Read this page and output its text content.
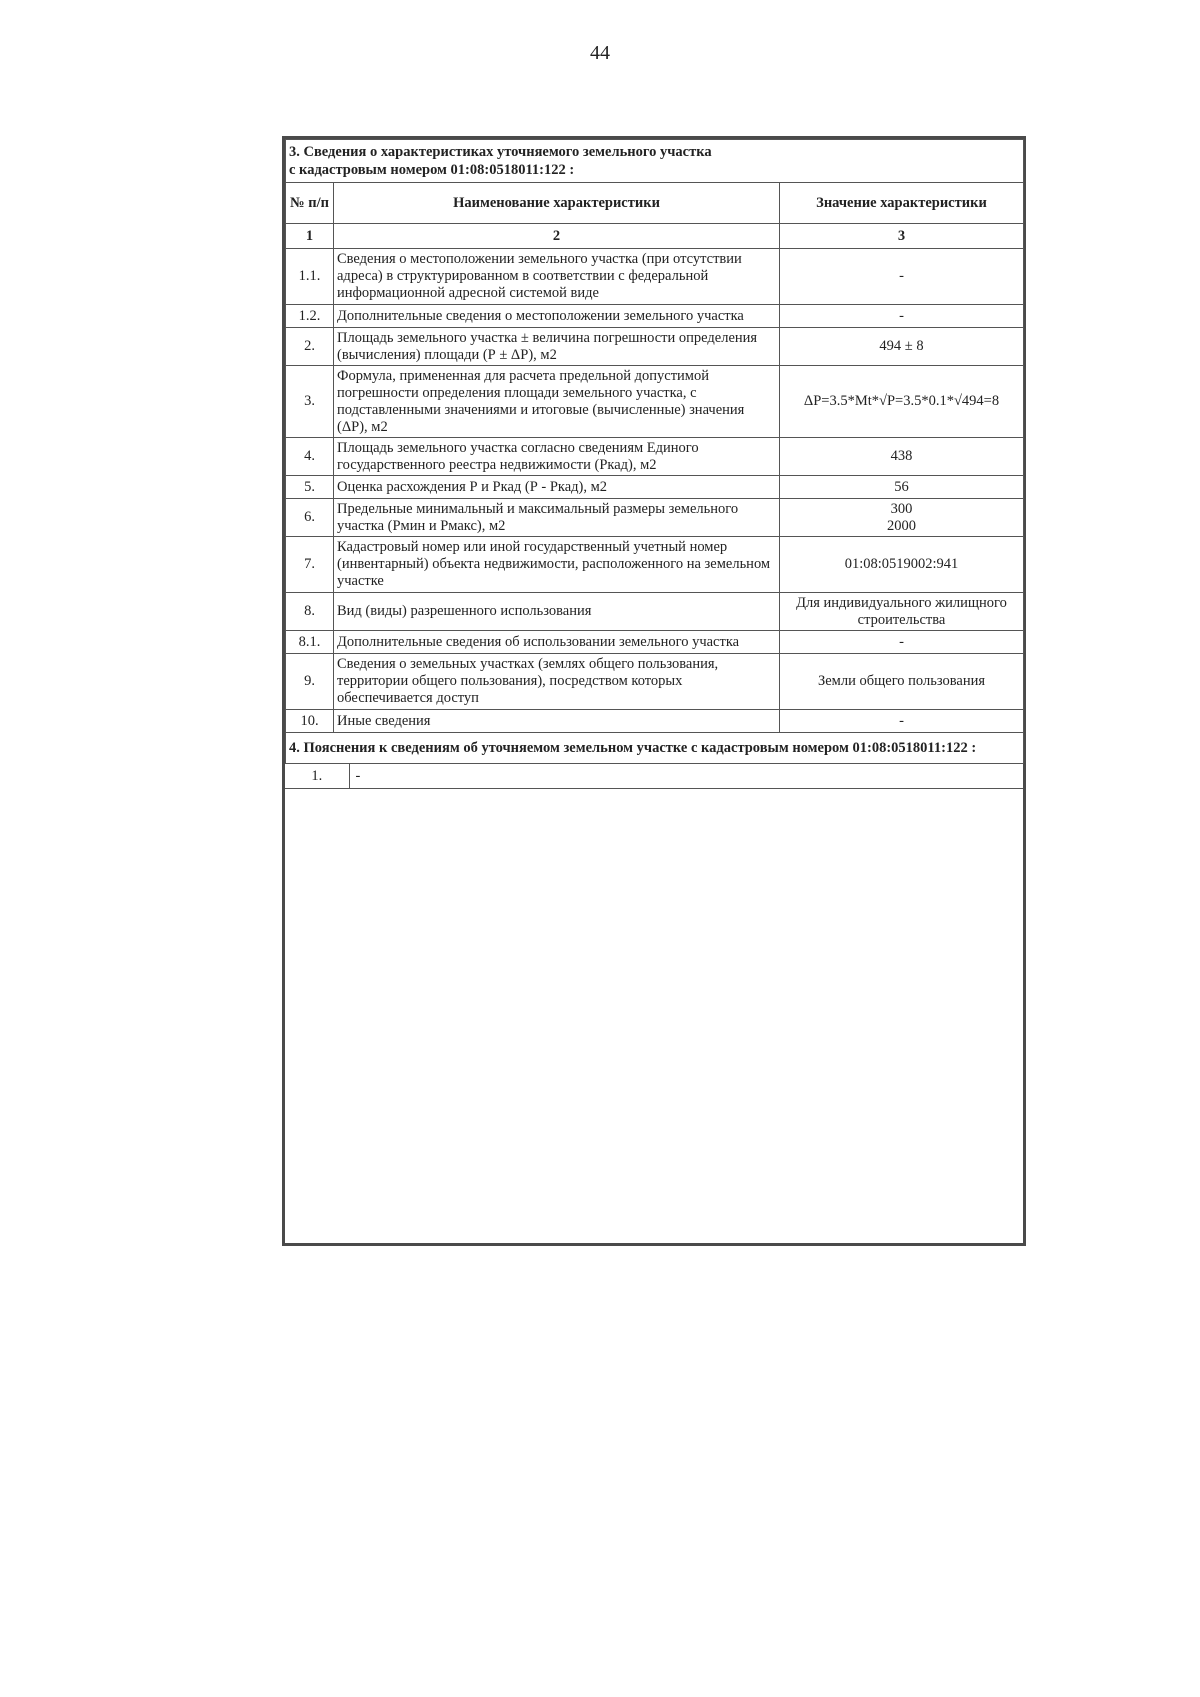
44
3. Сведения о характеристиках уточняемого земельного участка
с кадастровым номером 01:08:0518011:122 :		

№ п/п	Наименование характеристики	Значение характеристики
1	2	3
1.1.	Сведения о местоположении земельного участка (при отсутствии адреса) в структурированном в соответствии с федеральной информационной адресной системой виде	-
1.2.	Дополнительные сведения о местоположении земельного участка	-
2.	Площадь земельного участка ± величина погрешности определения (вычисления) площади (Р ± ΔР), м2	494 ± 8
3.	Формула, примененная для расчета предельной допустимой погрешности определения площади земельного участка, с подставленными значениями и итоговые (вычисленные) значения (ΔР), м2	ΔР=3.5*Mt*√Р=3.5*0.1*√494=8
4.	Площадь земельного участка согласно сведениям Единого государственного реестра недвижимости (Ркад), м2	438
5.	Оценка расхождения Р и Ркад (Р - Ркад), м2	56
6.	Предельные минимальный и максимальный размеры земельного участка (Рмин и Рмакс), м2	300
2000

7.	Кадастровый номер или иной государственный учетный номер (инвентарный) объекта недвижимости, расположенного на земельном участке	01:08:0519002:941
8.	Вид (виды) разрешенного использования	Для индивидуального жилищного строительства
8.1.	Дополнительные сведения об использовании земельного участка	-
9.	Сведения о земельных участках (землях общего пользования, территории общего пользования), посредством которых обеспечивается доступ	Земли общего пользования
10.	Иные сведения	-
4. Пояснения к сведениям об уточняемом земельном участке с кадастровым номером 01:08:0518011:122 :		
1.	-
